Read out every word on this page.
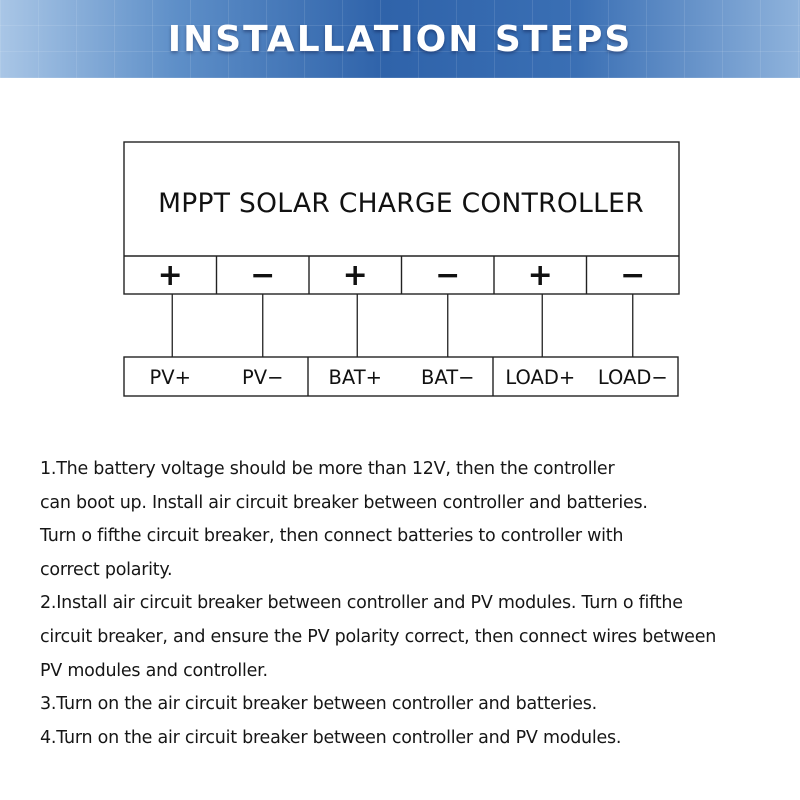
INSTALLATION STEPS
MPPT SOLAR CHARGE CONTROLLER
+ − + − + −
PV+	PV− BAT+ BAT− LOAD+ LOAD−
1.The battery voltage should be more than 12V, then the controller
can boot up. Install air circuit breaker between controller and batteries.
Turn o fifthe circuit breaker, then connect batteries to controller with
correct polarity.
2.Install air circuit breaker between controller and PV modules. Turn o fifthe
circuit breaker, and ensure the PV polarity correct, then connect wires between
PV modules and controller.
3.Turn on the air circuit breaker between controller and batteries.
4.Turn on the air circuit breaker between controller and PV modules.
